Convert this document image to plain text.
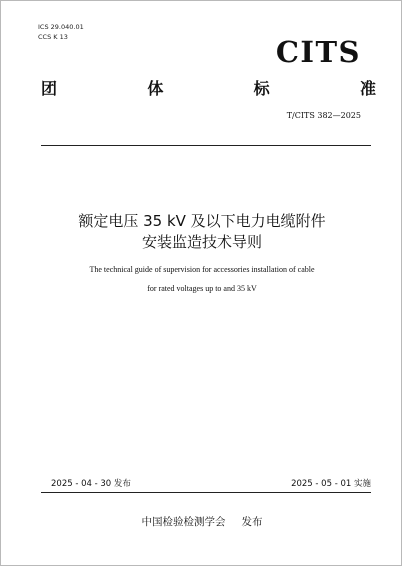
ICS 29.040.01
CCS K 13	CITS
团	体	标	准
T/CITS 382—2025
额定电压 35 kV 及以下电力电缆附件
安装监造技术导则
The technical guide of supervision for accessories installation of cable
for rated voltages up to and 35 kV
2025 - 04 - 30 发布	2025 - 05 - 01 实施
中国检验检测学会 发布
